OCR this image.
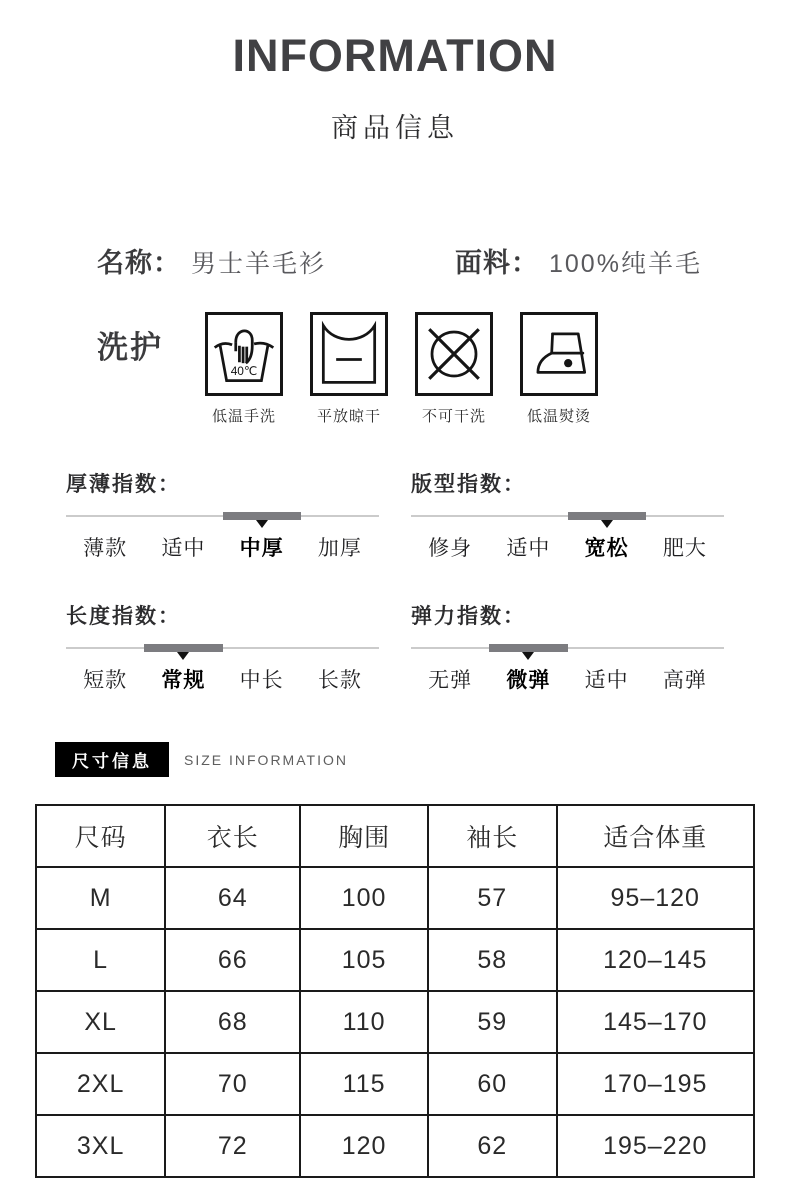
INFORMATION
商品信息
名称： 男士羊毛衫	面料： 100%纯羊毛
洗护
40℃
低温手洗	平放晾干	不可干洗	低温熨烫
厚薄指数：
薄款	适中	中厚	加厚
版型指数：
修身	适中	宽松	肥大
长度指数：
短款	常规	中长	长款
弹力指数：
无弹	微弹	适中	高弹
尺寸信息	SIZE INFORMATION
尺码	衣长	胸围	袖长	适合体重
M	64	100	57	95–120
L	66	105	58	120–145
XL	68	110	59	145–170
2XL	70	115	60	170–195
3XL	72	120	62	195–220
